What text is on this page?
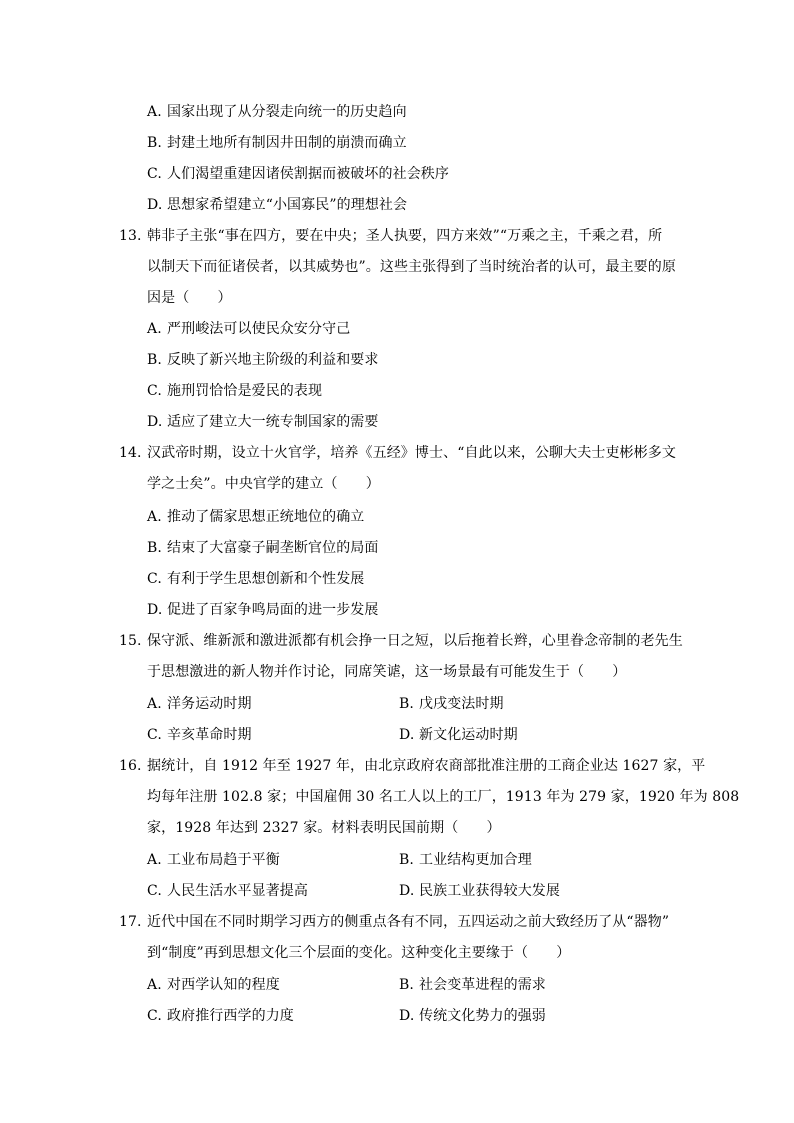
A. 国家出现了从分裂走向统一的历史趋向
B. 封建土地所有制因井田制的崩溃而确立
C. 人们渴望重建因诸侯割据而被破坏的社会秩序
D. 思想家希望建立“小国寡民”的理想社会
13. 韩非子主张“事在四方，要在中央；圣人执要，四方来效”“万乘之主，千乘之君，所
以制天下而征诸侯者，以其威势也”。这些主张得到了当时统治者的认可，最主要的原
因是（　　）
A. 严刑峻法可以使民众安分守己
B. 反映了新兴地主阶级的利益和要求
C. 施刑罚恰恰是爱民的表现
D. 适应了建立大一统专制国家的需要
14. 汉武帝时期，设立十火官学，培养《五经》博士、“自此以来，公聊大夫士吏彬彬多文
学之士矣”。中央官学的建立（　　）
A. 推动了儒家思想正统地位的确立
B. 结束了大富豪子嗣垄断官位的局面
C. 有利于学生思想创新和个性发展
D. 促进了百家争鸣局面的进一步发展
15. 保守派、维新派和激进派都有机会挣一日之短，以后拖着长辫，心里眷念帝制的老先生
于思想激进的新人物并作讨论，同席笑谑，这一场景最有可能发生于（　　）
A. 洋务运动时期	B. 戊戌变法时期
C. 辛亥革命时期	D. 新文化运动时期
16. 据统计，自 1912 年至 1927 年，由北京政府农商部批准注册的工商企业达 1627 家，平
均每年注册 102.8 家；中国雇佣 30 名工人以上的工厂，1913 年为 279 家，1920 年为 808
家，1928 年达到 2327 家。材料表明民国前期（　　）
A. 工业布局趋于平衡	B. 工业结构更加合理
C. 人民生活水平显著提高	D. 民族工业获得较大发展
17. 近代中国在不同时期学习西方的侧重点各有不同，五四运动之前大致经历了从“器物”
到“制度”再到思想文化三个层面的变化。这种变化主要缘于（　　）
A. 对西学认知的程度	B. 社会变革进程的需求
C. 政府推行西学的力度	D. 传统文化势力的强弱
